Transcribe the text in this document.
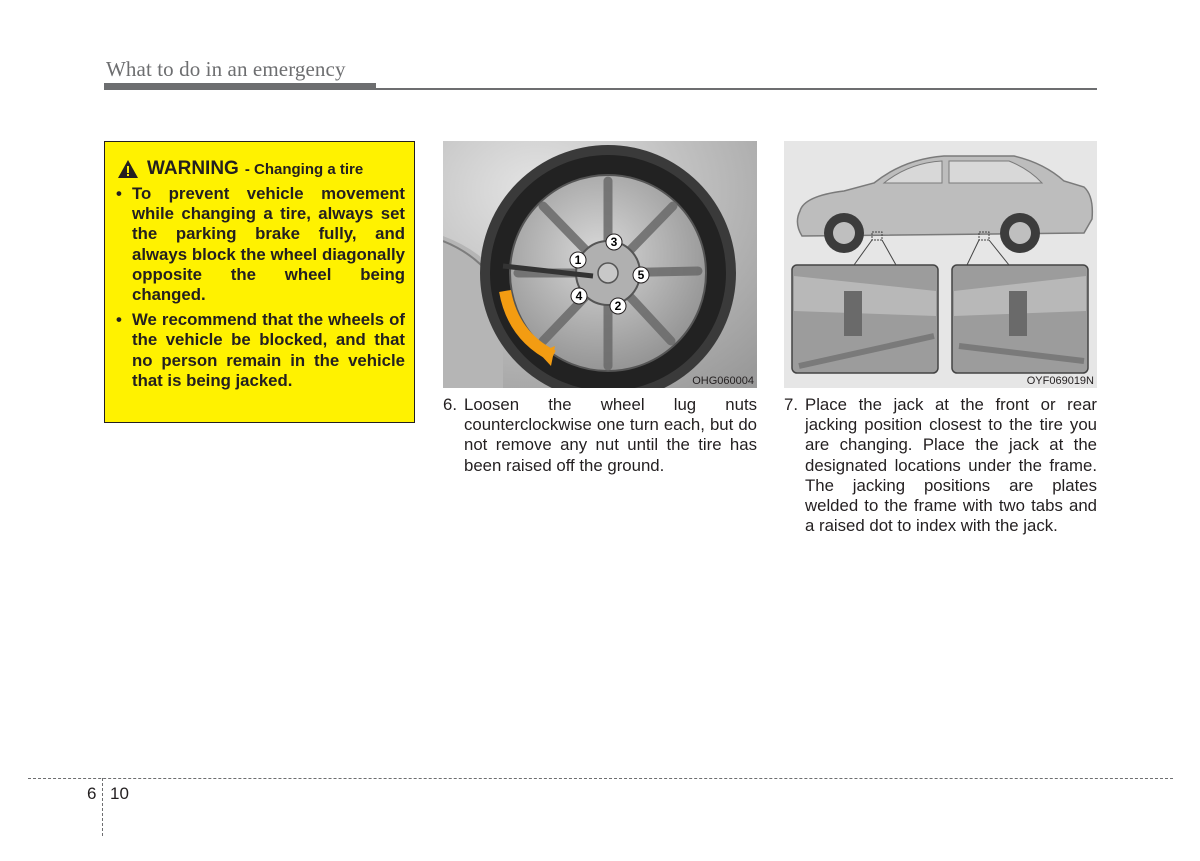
What to do in an emergency
WARNING - Changing a tire
• To prevent vehicle movement while changing a tire, always set the parking brake fully, and always block the wheel diagonally opposite the wheel being changed.
• We recommend that the wheels of the vehicle be blocked, and that no person remain in the vehicle that is being jacked.
1
2
3
4
5
OHG060004	OYF069019N
6. Loosen the wheel lug nuts counterclockwise one turn each, but do not remove any nut until the tire has been raised off the ground.
7. Place the jack at the front or rear jacking position closest to the tire you are changing. Place the jack at the designated locations under the frame. The jacking positions are plates welded to the frame with two tabs and a raised dot to index with the jack.
6 10
